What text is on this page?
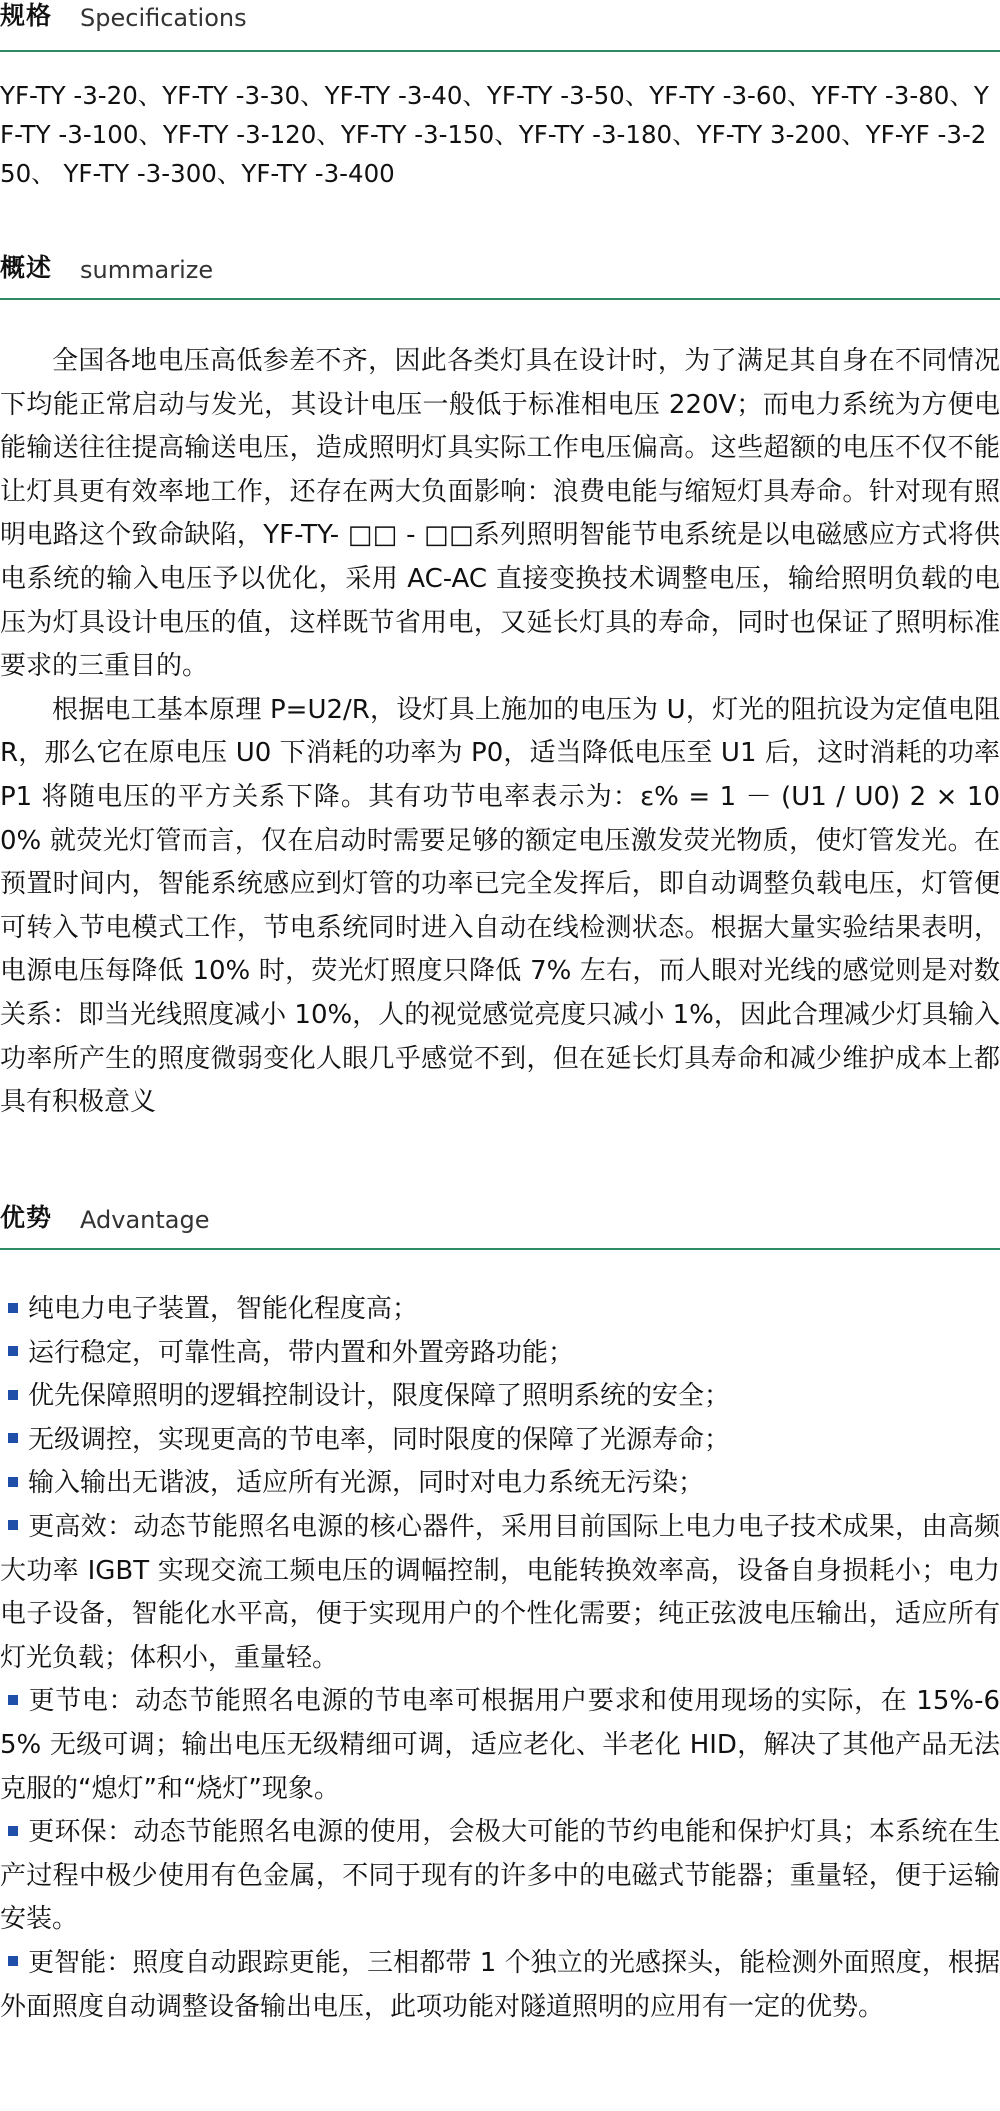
规格 Specifications
YF-TY -3-20、YF-TY -3-30、YF-TY -3-40、YF-TY -3-50、YF-TY -3-60、YF-TY -3-80、YF-TY -3-100、YF-TY -3-120、YF-TY -3-150、YF-TY -3-180、YF-TY 3-200、YF-YF -3-250、 YF-TY -3-300、YF-TY -3-400
概述 summarize

全国各地电压高低参差不齐，因此各类灯具在设计时，为了满足其自身在不同情况下均能正常启动与发光，其设计电压一般低于标准相电压 220V；而电力系统为方便电能输送往往提高输送电压，造成照明灯具实际工作电压偏高。这些超额的电压不仅不能让灯具更有效率地工作，还存在两大负面影响：浪费电能与缩短灯具寿命。针对现有照明电路这个致命缺陷，YF-TY- □□ - □□系列照明智能节电系统是以电磁感应方式将供电系统的输入电压予以优化，采用 AC-AC 直接变换技术调整电压，输给照明负载的电压为灯具设计电压的值，这样既节省用电，又延长灯具的寿命，同时也保证了照明标准要求的三重目的。

根据电工基本原理 P=U2/R，设灯具上施加的电压为 U，灯光的阻抗设为定值电阻 R，那么它在原电压 U0 下消耗的功率为 P0，适当降低电压至 U1 后，这时消耗的功率 P1 将随电压的平方关系下降。其有功节电率表示为：ε% = 1 － (U1 / U0) 2 × 100% 就荧光灯管而言，仅在启动时需要足够的额定电压激发荧光物质，使灯管发光。在预置时间内，智能系统感应到灯管的功率已完全发挥后，即自动调整负载电压，灯管便可转入节电模式工作，节电系统同时进入自动在线检测状态。根据大量实验结果表明，电源电压每降低 10% 时，荧光灯照度只降低 7% 左右，而人眼对光线的感觉则是对数关系：即当光线照度减小 10%，人的视觉感觉亮度只减小 1%，因此合理减少灯具输入功率所产生的照度微弱变化人眼几乎感觉不到，但在延长灯具寿命和减少维护成本上都具有积极意义

优势 Advantage
纯电力电子装置，智能化程度高；
运行稳定，可靠性高，带内置和外置旁路功能；
优先保障照明的逻辑控制设计，限度保障了照明系统的安全；
无级调控，实现更高的节电率，同时限度的保障了光源寿命；
输入输出无谐波，适应所有光源，同时对电力系统无污染；
更高效：动态节能照名电源的核心器件，采用目前国际上电力电子技术成果，由高频大功率 IGBT 实现交流工频电压的调幅控制，电能转换效率高，设备自身损耗小；电力电子设备，智能化水平高，便于实现用户的个性化需要；纯正弦波电压输出，适应所有灯光负载；体积小，重量轻。
更节电：动态节能照名电源的节电率可根据用户要求和使用现场的实际，在 15%-65% 无级可调；输出电压无级精细可调，适应老化、半老化 HID，解决了其他产品无法克服的“熄灯”和“烧灯”现象。
更环保：动态节能照名电源的使用，会极大可能的节约电能和保护灯具；本系统在生产过程中极少使用有色金属，不同于现有的许多中的电磁式节能器；重量轻，便于运输安装。
更智能：照度自动跟踪更能，三相都带 1 个独立的光感探头，能检测外面照度，根据外面照度自动调整设备输出电压，此项功能对隧道照明的应用有一定的优势。
